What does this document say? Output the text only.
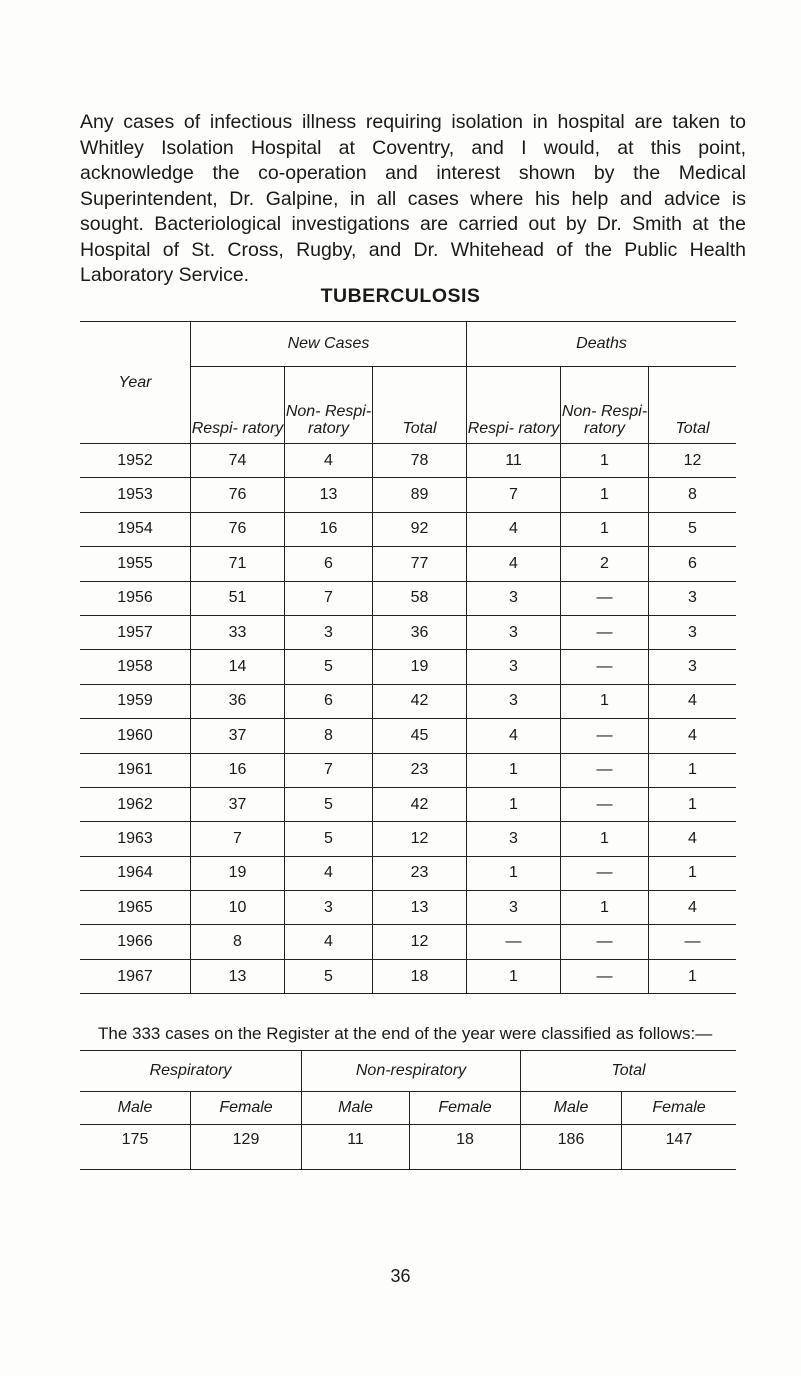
Any cases of infectious illness requiring isolation in hospital are taken to Whitley Isolation Hospital at Coventry, and I would, at this point, acknowledge the co-operation and interest shown by the Medical Superintendent, Dr. Galpine, in all cases where his help and advice is sought. Bacteriological investigations are carried out by Dr. Smith at the Hospital of St. Cross, Rugby, and Dr. Whitehead of the Public Health Laboratory Service.

TUBERCULOSIS
Year	New Cases			Deaths		
	Respi- ratory	Non- Respi- ratory	Total	Respi- ratory	Non- Respi- ratory	Total
1952	74	4	78	11	1	12
1953	76	13	89	7	1	8
1954	76	16	92	4	1	5
1955	71	6	77	4	2	6
1956	51	7	58	3	—	3
1957	33	3	36	3	—	3
1958	14	5	19	3	—	3
1959	36	6	42	3	1	4
1960	37	8	45	4	—	4
1961	16	7	23	1	—	1
1962	37	5	42	1	—	1
1963	7	5	12	3	1	4
1964	19	4	23	1	—	1
1965	10	3	13	3	1	4
1966	8	4	12	—	—	—
1967	13	5	18	1	—	1

The 333 cases on the Register at the end of the year were classified as follows:—

Respiratory		Non-respiratory		Total	
Male	Female	Male	Female	Male	Female
175	129	11	18	186	147

36
